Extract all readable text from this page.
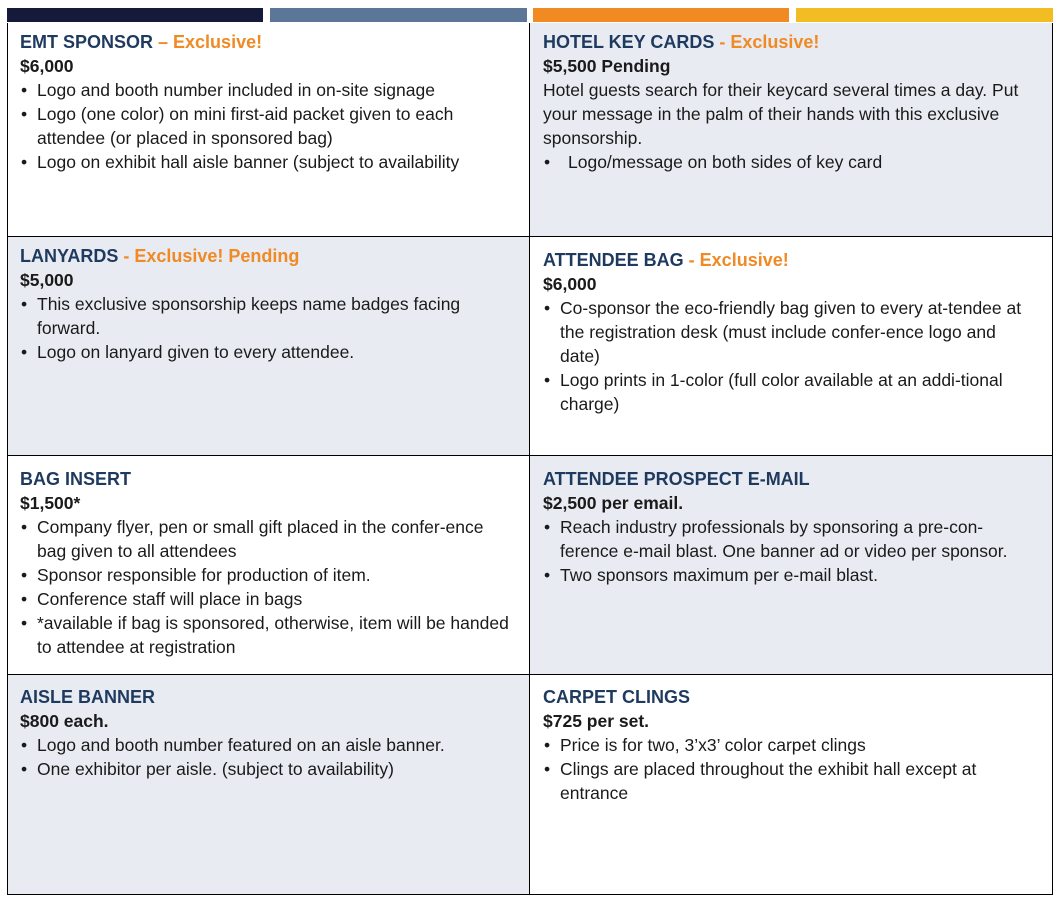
EMT SPONSOR – Exclusive!
$6,000
• Logo and booth number included in on-site signage
• Logo (one color) on mini first-aid packet given to each attendee (or placed in sponsored bag)
• Logo on exhibit hall aisle banner (subject to availability
HOTEL KEY CARDS - Exclusive!
$5,500 Pending

Hotel guests search for their keycard several times a day. Put your message in the palm of their hands with this exclusive sponsorship.

• Logo/message on both sides of key card
LANYARDS - Exclusive! Pending
$5,000
• This exclusive sponsorship keeps name badges facing forward.
• Logo on lanyard given to every attendee.
ATTENDEE BAG - Exclusive!
$6,000
• Co-sponsor the eco-friendly bag given to every at-tendee at the registration desk (must include confer-ence logo and date)
• Logo prints in 1-color (full color available at an addi-tional charge)
BAG INSERT
$1,500*
• Company flyer, pen or small gift placed in the confer-ence bag given to all attendees
• Sponsor responsible for production of item.
• Conference staff will place in bags
• *available if bag is sponsored, otherwise, item will be handed to attendee at registration
ATTENDEE PROSPECT E-MAIL
$2,500 per email.
• Reach industry professionals by sponsoring a pre-con-ference e-mail blast. One banner ad or video per sponsor.
• Two sponsors maximum per e-mail blast.
AISLE BANNER
$800 each.
• Logo and booth number featured on an aisle banner.
• One exhibitor per aisle. (subject to availability)
CARPET CLINGS
$725 per set.
• Price is for two, 3’x3’ color carpet clings
• Clings are placed throughout the exhibit hall except at entrance
